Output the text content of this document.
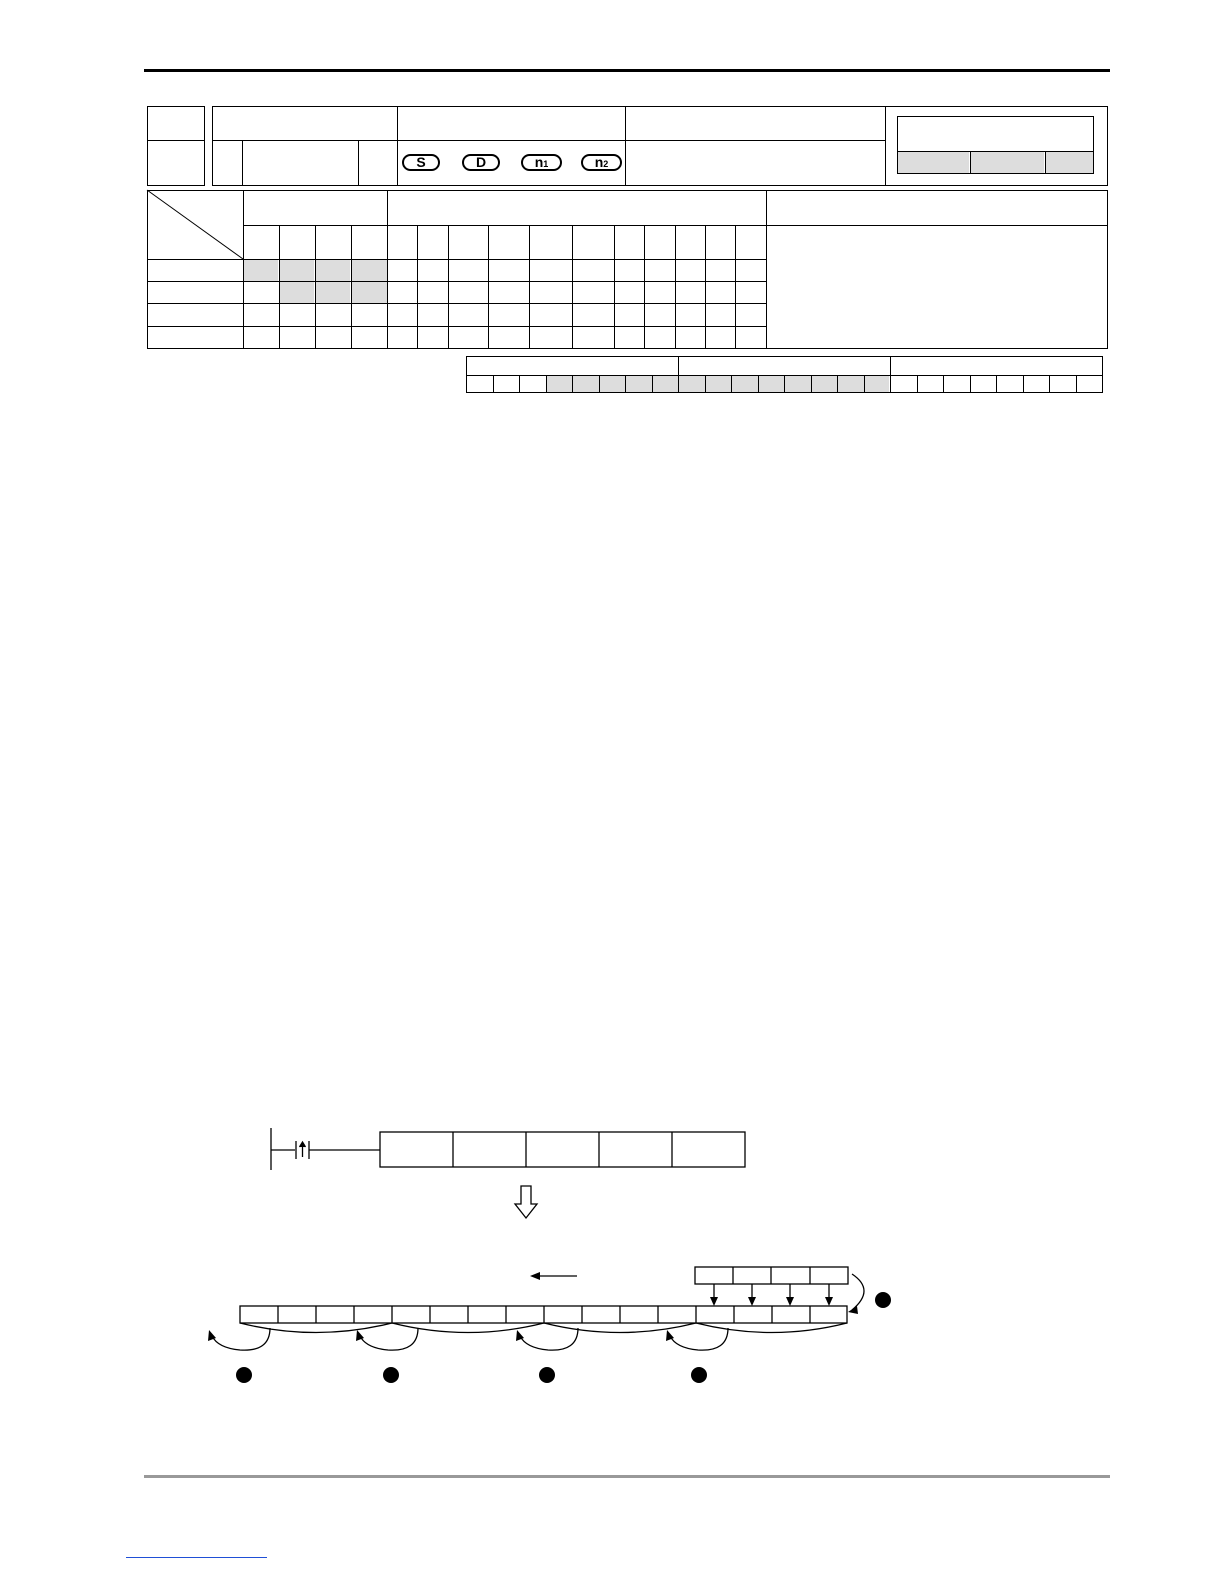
S	D	n1	n2
